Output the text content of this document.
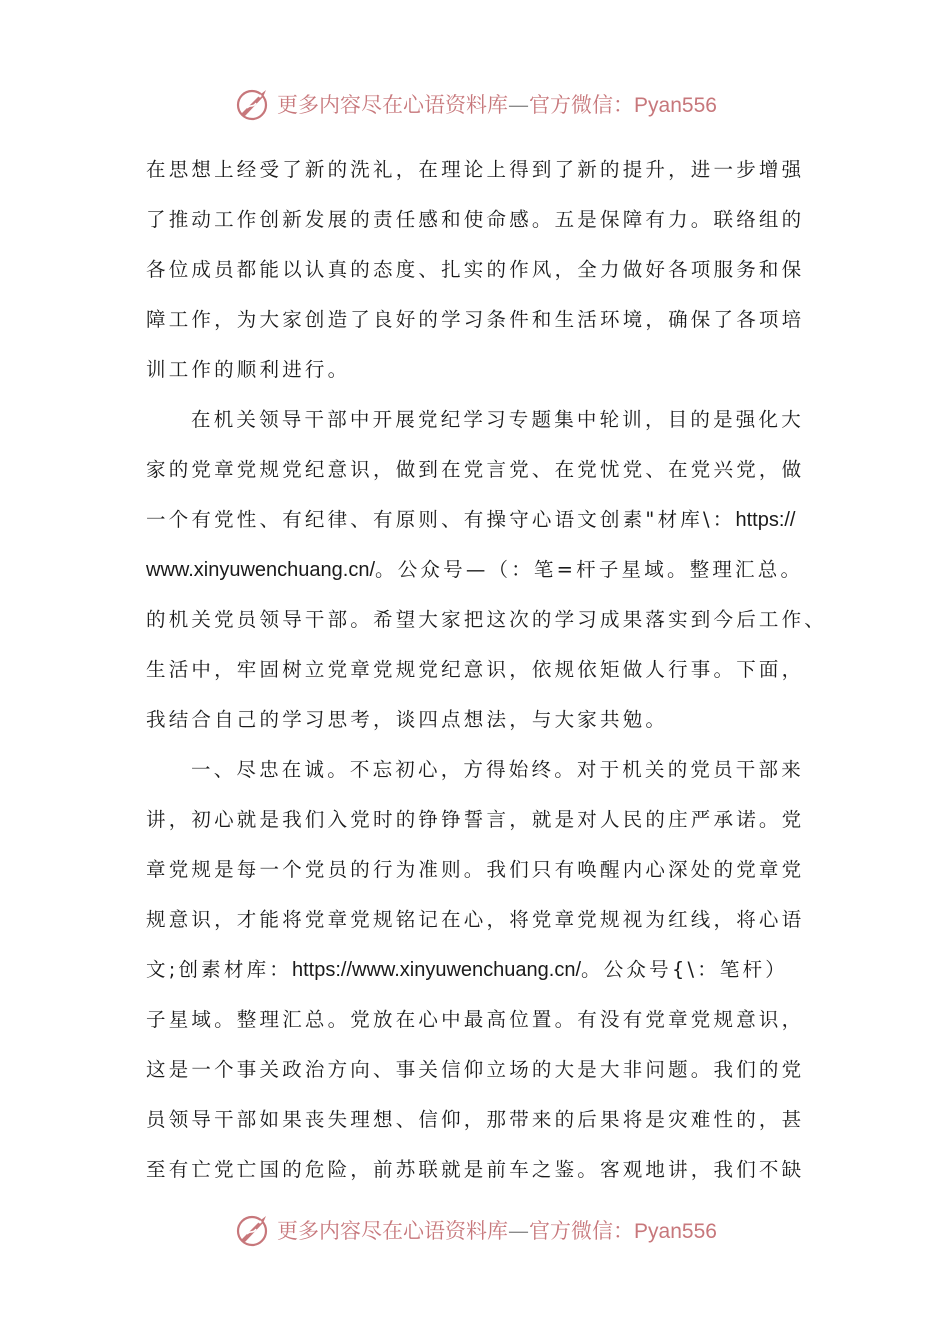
更多内容尽在心语资料库—官方微信：Pyan556
在思想上经受了新的洗礼，在理论上得到了新的提升，进一步增强
了推动工作创新发展的责任感和使命感。五是保障有力。联络组的
各位成员都能以认真的态度、扎实的作风，全力做好各项服务和保
障工作，为大家创造了良好的学习条件和生活环境，确保了各项培
训工作的顺利进行。
在机关领导干部中开展党纪学习专题集中轮训，目的是强化大
家的党章党规党纪意识，做到在党言党、在党忧党、在党兴党，做
一个有党性、有纪律、有原则、有操守心语文创素"材库\：https://
www.xinyuwenchuang.cn/。公众号—（：笔=杆子星域。整理汇总。
的机关党员领导干部。希望大家把这次的学习成果落实到今后工作、
生活中，牢固树立党章党规党纪意识，依规依矩做人行事。下面，
我结合自己的学习思考，谈四点想法，与大家共勉。
一、尽忠在诚。不忘初心，方得始终。对于机关的党员干部来
讲，初心就是我们入党时的铮铮誓言，就是对人民的庄严承诺。党
章党规是每一个党员的行为准则。我们只有唤醒内心深处的党章党
规意识，才能将党章党规铭记在心，将党章党规视为红线，将心语
文;创素材库：https://www.xinyuwenchuang.cn/。公众号{\：笔杆）
子星域。整理汇总。党放在心中最高位置。有没有党章党规意识，
这是一个事关政治方向、事关信仰立场的大是大非问题。我们的党
员领导干部如果丧失理想、信仰，那带来的后果将是灾难性的，甚
至有亡党亡国的危险，前苏联就是前车之鉴。客观地讲，我们不缺
更多内容尽在心语资料库—官方微信：Pyan556
